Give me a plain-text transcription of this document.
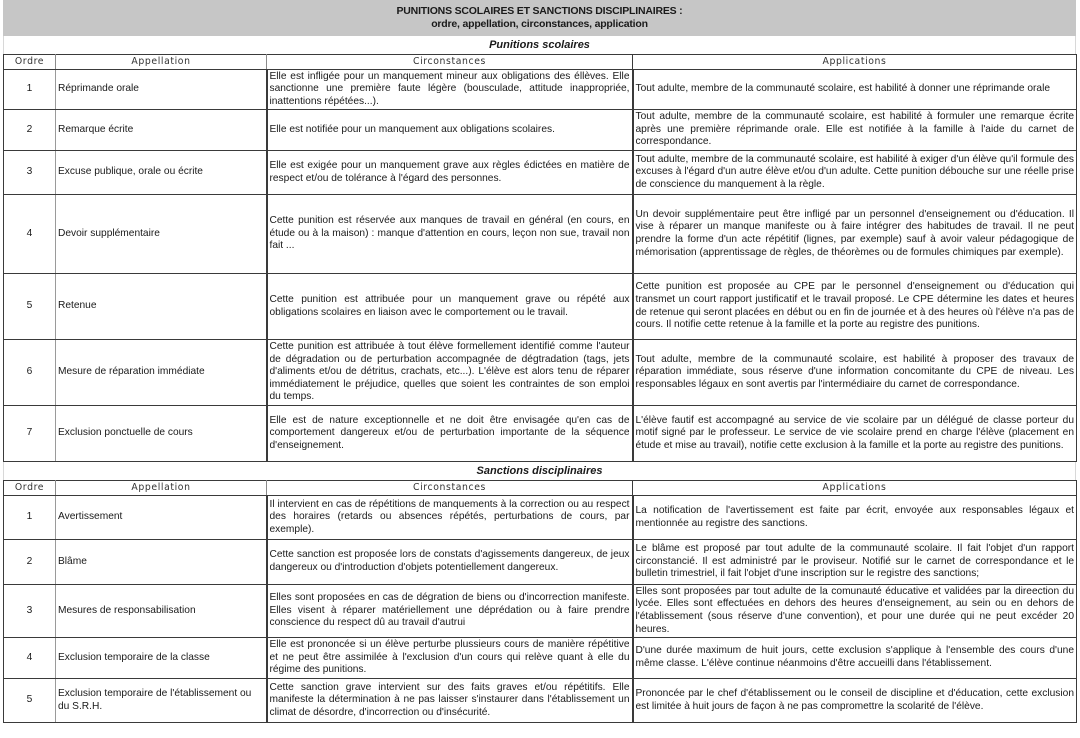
PUNITIONS SCOLAIRES ET SANCTIONS DISCIPLINAIRES :
ordre, appellation, circonstances, application
Punitions scolaires
Ordre	Appellation	Circonstances	Applications
1	Réprimande orale	Elle est infligée pour un manquement mineur aux obligations des éllèves. Elle sanctionne une première faute légère (bousculade, attitude inappropriée, inattentions répétées...).	Tout adulte, membre de la communauté scolaire, est habilité à donner une réprimande orale
2	Remarque écrite	Elle est notifiée pour un manquement aux obligations scolaires.	Tout adulte, membre de la communauté scolaire, est habilité à formuler une remarque écrite après une première réprimande orale. Elle est notifiée à la famille à l'aide du carnet de correspondance.
3	Excuse publique, orale ou écrite	Elle est exigée pour un manquement grave aux règles édictées en matière de respect et/ou de tolérance à l'égard des personnes.	Tout adulte, membre de la communauté scolaire, est habilité à exiger d'un élève qu'il formule des excuses à l'égard d'un autre élève et/ou d'un adulte. Cette punition débouche sur une réelle prise de conscience du manquement à la règle.
4	Devoir supplémentaire	Cette punition est réservée aux manques de travail en général (en cours, en étude ou à la maison) : manque d'attention en cours, leçon non sue, travail non fait ...	Un devoir supplémentaire peut être infligé par un personnel d'enseignement ou d'éducation. Il vise à réparer un manque manifeste ou à faire intégrer des habitudes de travail. Il ne peut prendre la forme d'un acte répétitif (lignes, par exemple) sauf à avoir valeur pédagogique de mémorisation (apprentissage de règles, de théorèmes ou de formules chimiques par exemple).
5	Retenue	Cette punition est attribuée pour un manquement grave ou répété aux obligations scolaires en liaison avec le comportement ou le travail.	Cette punition est proposée au CPE par le personnel d'enseignement ou d'éducation qui transmet un court rapport justificatif et le travail proposé. Le CPE détermine les dates et heures de retenue qui seront placées en début ou en fin de journée et à des heures où l'élève n'a pas de cours. Il notifie cette retenue à la famille et la porte au registre des punitions.
6	Mesure de réparation immédiate	Cette punition est attribuée à tout élève formellement identifié comme l'auteur de dégradation ou de perturbation accompagnée de dégtradation (tags, jets d'aliments et/ou de détritus, crachats, etc...). L'élève est alors tenu de réparer immédiatement le préjudice, quelles que soient les contraintes de son emploi du temps.	Tout adulte, membre de la communauté scolaire, est habilité à proposer des travaux de réparation immédiate, sous réserve d'une information concomitante du CPE de niveau. Les responsables légaux en sont avertis par l'intermédiaire du carnet de correspondance.
7	Exclusion ponctuelle de cours	Elle est de nature exceptionnelle et ne doit être envisagée qu'en cas de comportement dangereux et/ou de perturbation importante de la séquence d'enseignement.	L'élève fautif est accompagné au service de vie scolaire par un délégué de classe porteur du motif signé par le professeur. Le service de vie scolaire prend en charge l'élève (placement en étude et mise au travail), notifie cette exclusion à la famille et la porte au registre des punitions.
Sanctions disciplinaires
Ordre	Appellation	Circonstances	Applications
1	Avertissement	Il intervient en cas de répétitions de manquements à la correction ou au respect des horaires (retards ou absences répétés, perturbations de cours, par exemple).	La notification de l'avertissement est faite par écrit, envoyée aux responsables légaux et mentionnée au registre des sanctions.
2	Blâme	Cette sanction est proposée lors de constats d'agissements dangereux, de jeux dangereux ou d'introduction d'objets potentiellement dangereux.	Le blâme est proposé par tout adulte de la communauté scolaire. Il fait l'objet d'un rapport circonstancié. Il est administré par le proviseur. Notifié sur le carnet de correspondance et le bulletin trimestriel, il fait l'objet d'une inscription sur le registre des sanctions;
3	Mesures de responsabilisation	Elles sont proposées en cas de dégration de biens ou d'incorrection manifeste. Elles visent à réparer matériellement une déprédation ou à faire prendre conscience du respect dû au travail d'autrui	Elles sont proposées par tout adulte de la comunauté éducative et validées par la direection du lycée. Elles sont effectuées en dehors des heures d'enseignement, au sein ou en dehors de l'établissement (sous réserve d'une convention), et pour une durée qui ne peut excéder 20 heures.
4	Exclusion temporaire de la classe	Elle est prononcée si un élève perturbe plussieurs cours de manière répétitive et ne peut être assimilée à l'exclusion d'un cours qui relève quant à elle du régime des punitions.	D'une durée maximum de huit jours, cette exclusion s'applique à l'ensemble des cours d'une même classe. L'élève continue néanmoins d'être accueilli dans l'établissement.
5	Exclusion temporaire de l'établissement ou du S.R.H.	Cette sanction grave intervient sur des faits graves et/ou répétitifs. Elle manifeste la détermination à ne pas laisser s'instaurer dans l'établissement un climat de désordre, d'incorrection ou d'insécurité.	Prononcée par le chef d'établissement ou le conseil de discipline et d'éducation, cette exclusion est limitée à huit jours de façon à ne pas compromettre la scolarité de l'élève.
